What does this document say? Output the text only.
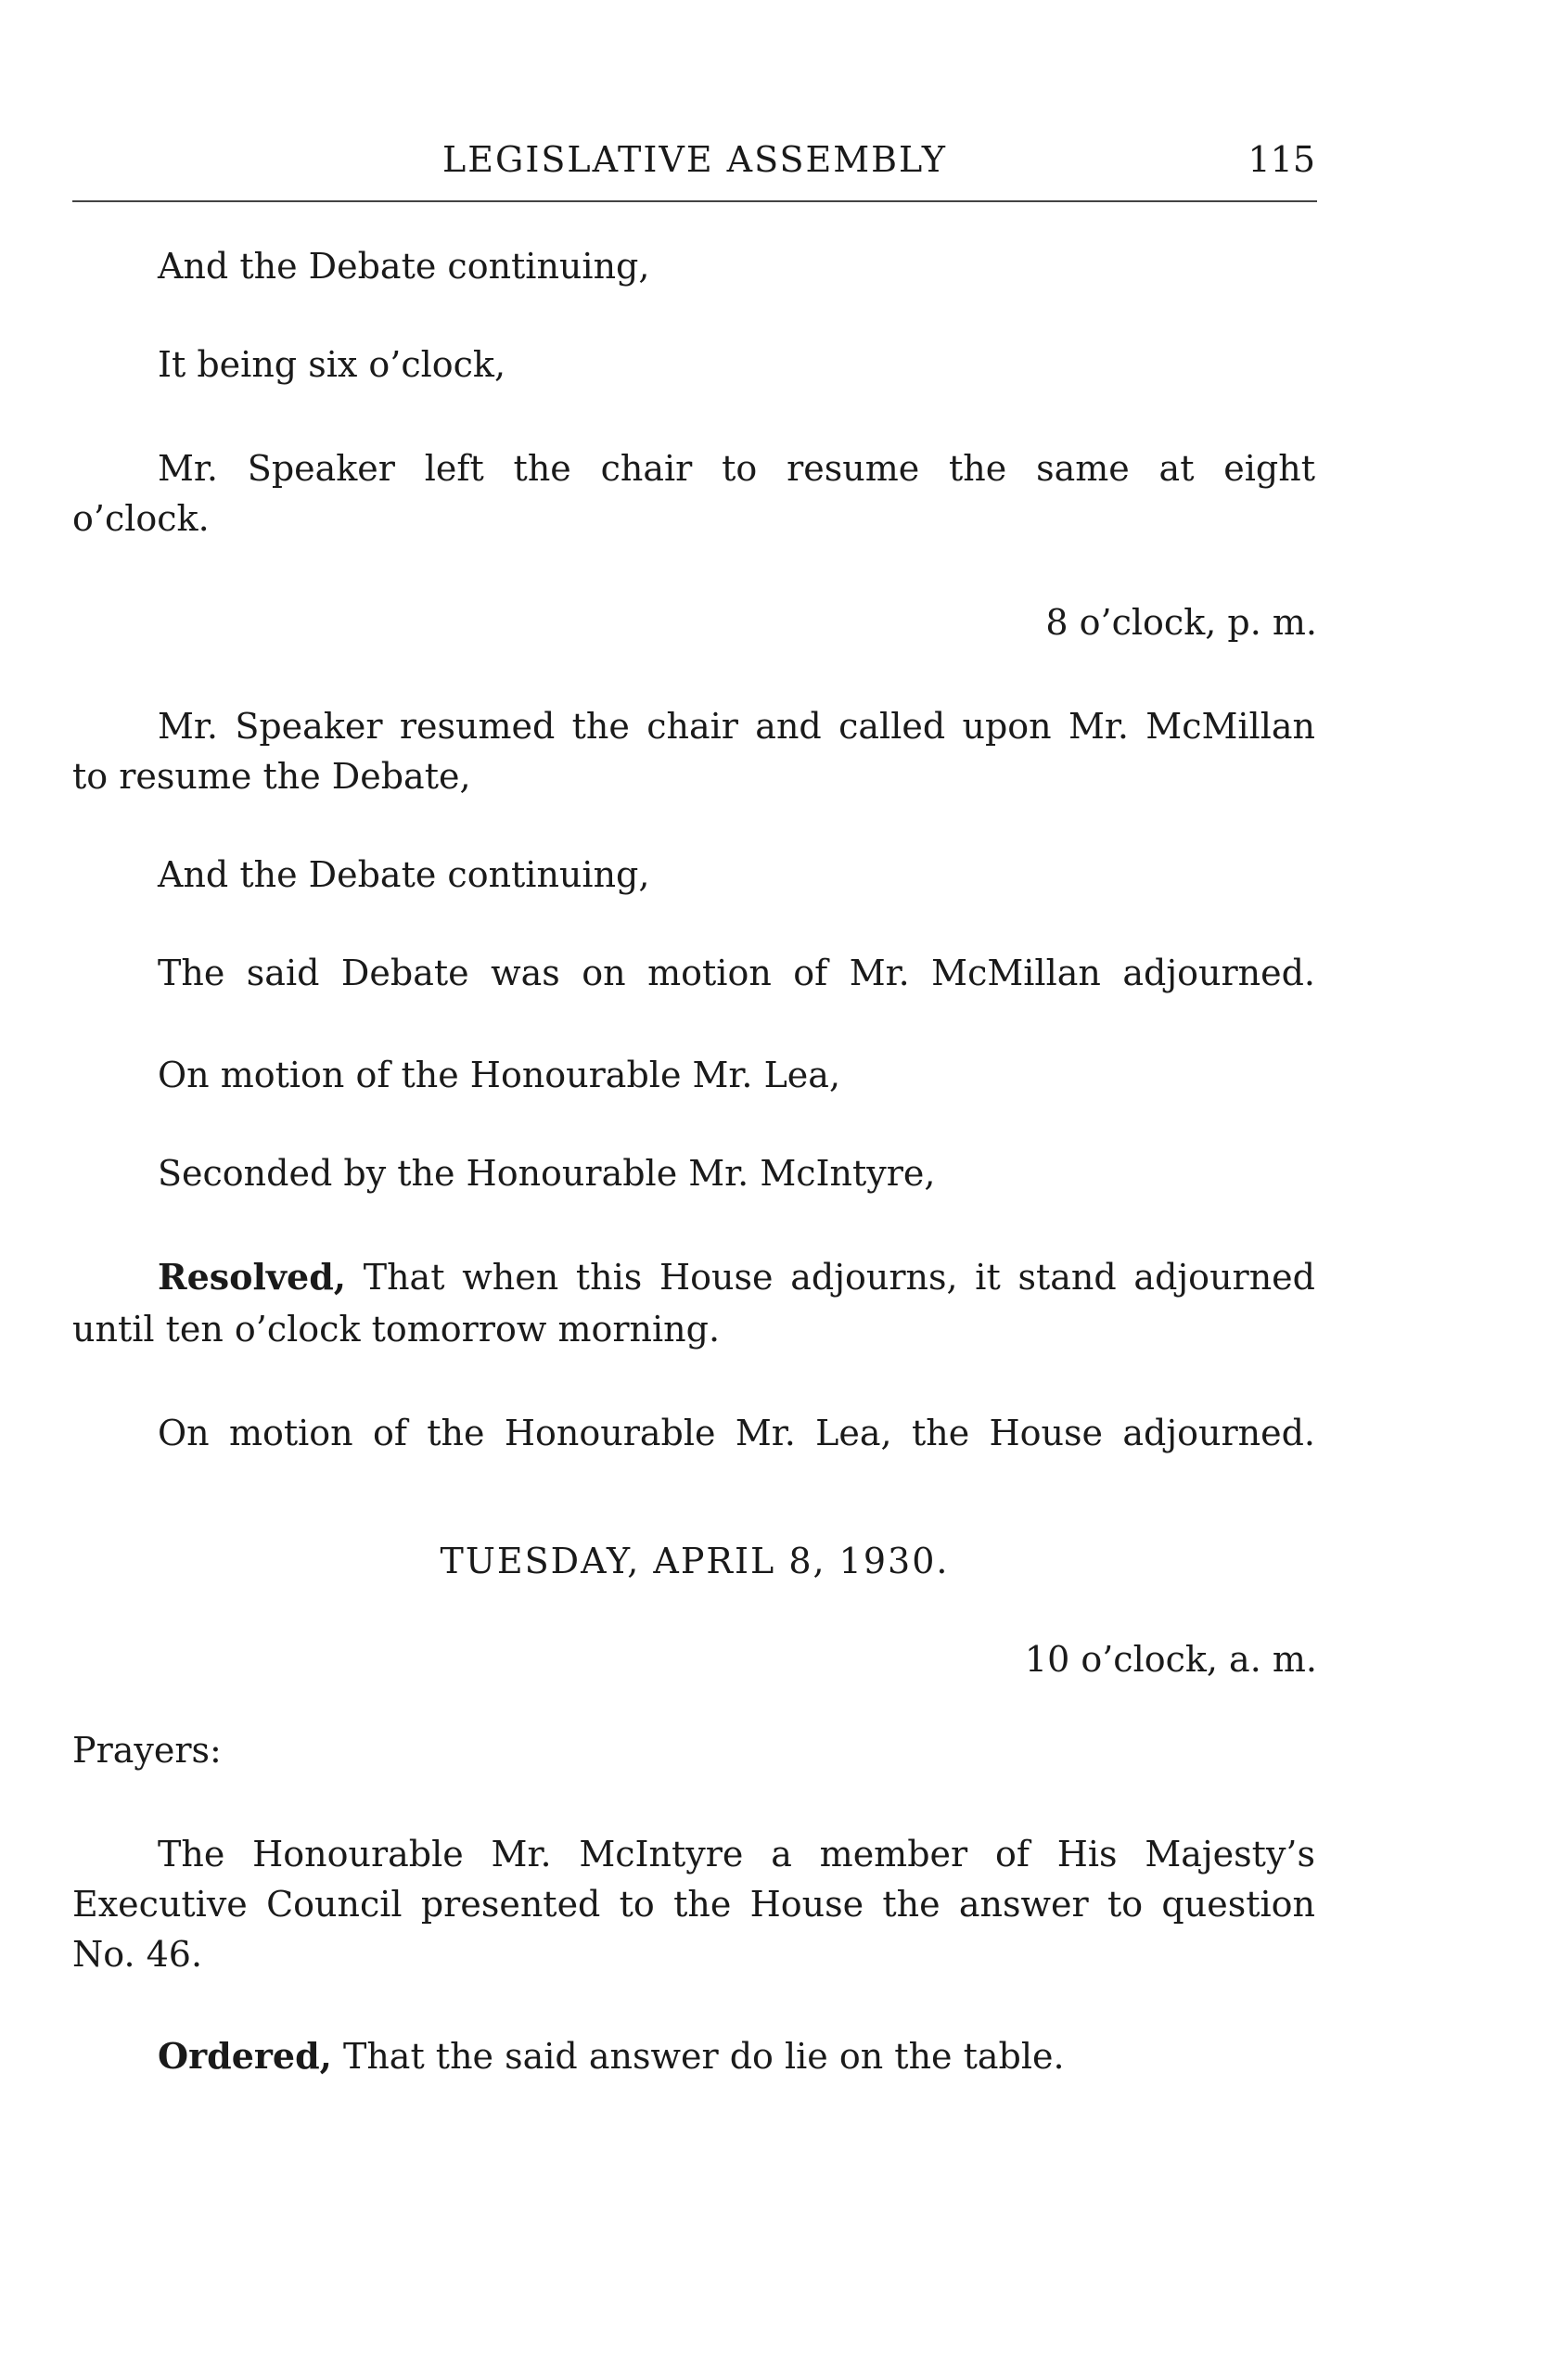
LEGISLATIVE ASSEMBLY	115
And the Debate continuing,
It being six o’clock,
Mr. Speaker left the chair to resume the same at eight
o’clock.
8 o’clock, p. m.
Mr. Speaker resumed the chair and called upon Mr. McMillan
to resume the Debate,
And the Debate continuing,
The said Debate was on motion of Mr. McMillan adjourned.
On motion of the Honourable Mr. Lea,
Seconded by the Honourable Mr. McIntyre,
Resolved, That when this House adjourns, it stand adjourned
until ten o’clock tomorrow morning.
On motion of the Honourable Mr. Lea, the House adjourned.
TUESDAY, APRIL 8, 1930.
10 o’clock, a. m.
Prayers:
The Honourable Mr. McIntyre a member of His Majesty’s
Executive Council presented to the House the answer to question
No. 46.
Ordered, That the said answer do lie on the table.
